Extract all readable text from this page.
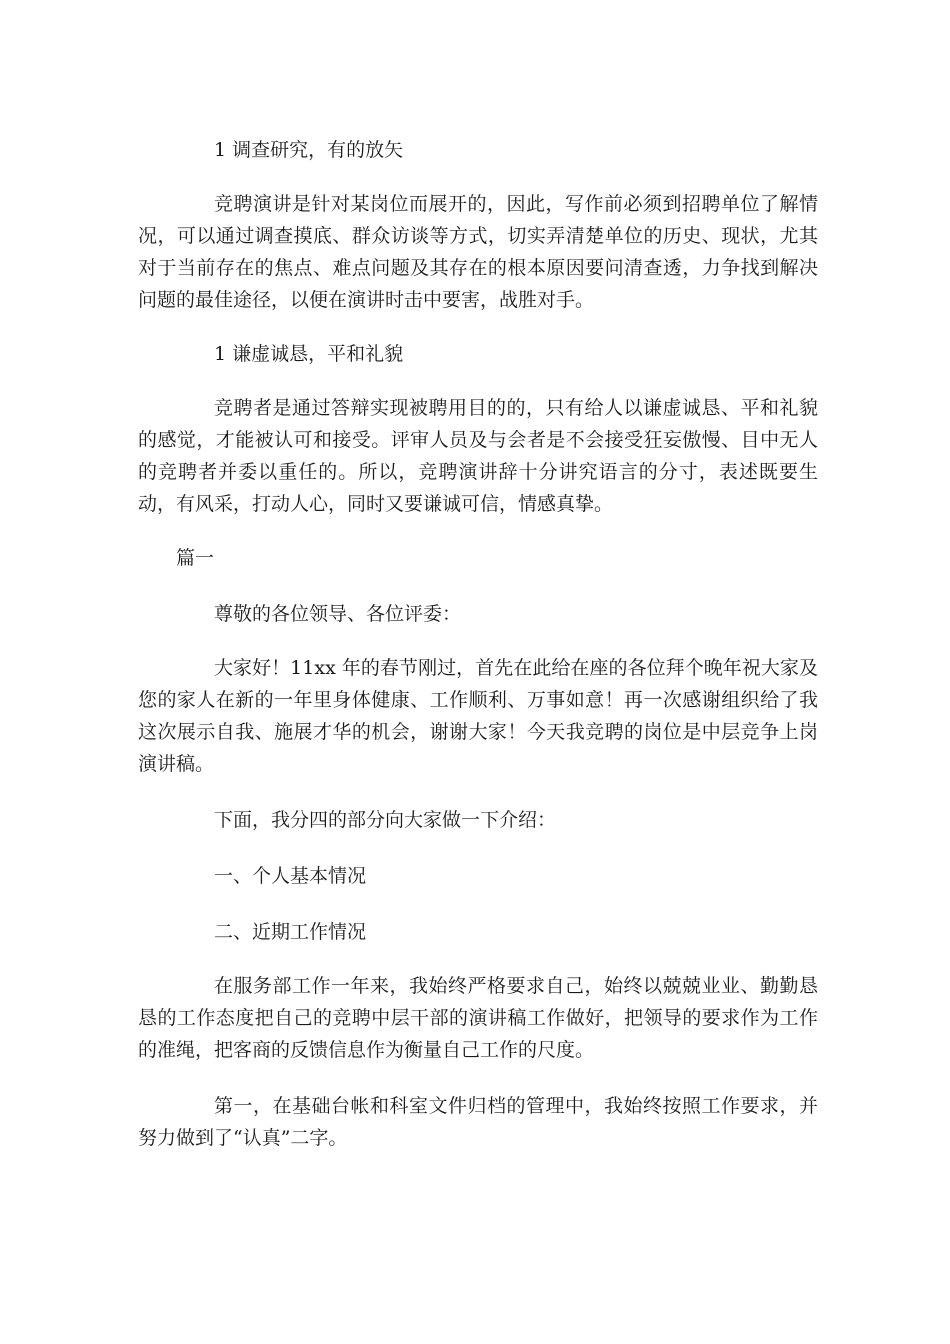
1 调查研究，有的放矢

竞聘演讲是针对某岗位而展开的，因此，写作前必须到招聘单位了解情况，可以通过调查摸底、群众访谈等方式，切实弄清楚单位的历史、现状，尤其对于当前存在的焦点、难点问题及其存在的根本原因要问清查透，力争找到解决问题的最佳途径，以便在演讲时击中要害，战胜对手。

1 谦虚诚恳，平和礼貌

竞聘者是通过答辩实现被聘用目的的，只有给人以谦虚诚恳、平和礼貌的感觉，才能被认可和接受。评审人员及与会者是不会接受狂妄傲慢、目中无人的竞聘者并委以重任的。所以，竞聘演讲辞十分讲究语言的分寸，表述既要生动，有风采，打动人心，同时又要谦诚可信，情感真挚。

篇一

尊敬的各位领导、各位评委：

大家好！11xx 年的春节刚过，首先在此给在座的各位拜个晚年祝大家及您的家人在新的一年里身体健康、工作顺利、万事如意！再一次感谢组织给了我这次展示自我、施展才华的机会，谢谢大家！今天我竞聘的岗位是中层竞争上岗演讲稿。

下面，我分四的部分向大家做一下介绍：

一、个人基本情况

二、近期工作情况

在服务部工作一年来，我始终严格要求自己，始终以兢兢业业、勤勤恳恳的工作态度把自己的竞聘中层干部的演讲稿工作做好，把领导的要求作为工作的准绳，把客商的反馈信息作为衡量自己工作的尺度。

第一，在基础台帐和科室文件归档的管理中，我始终按照工作要求，并努力做到了“认真”二字。
